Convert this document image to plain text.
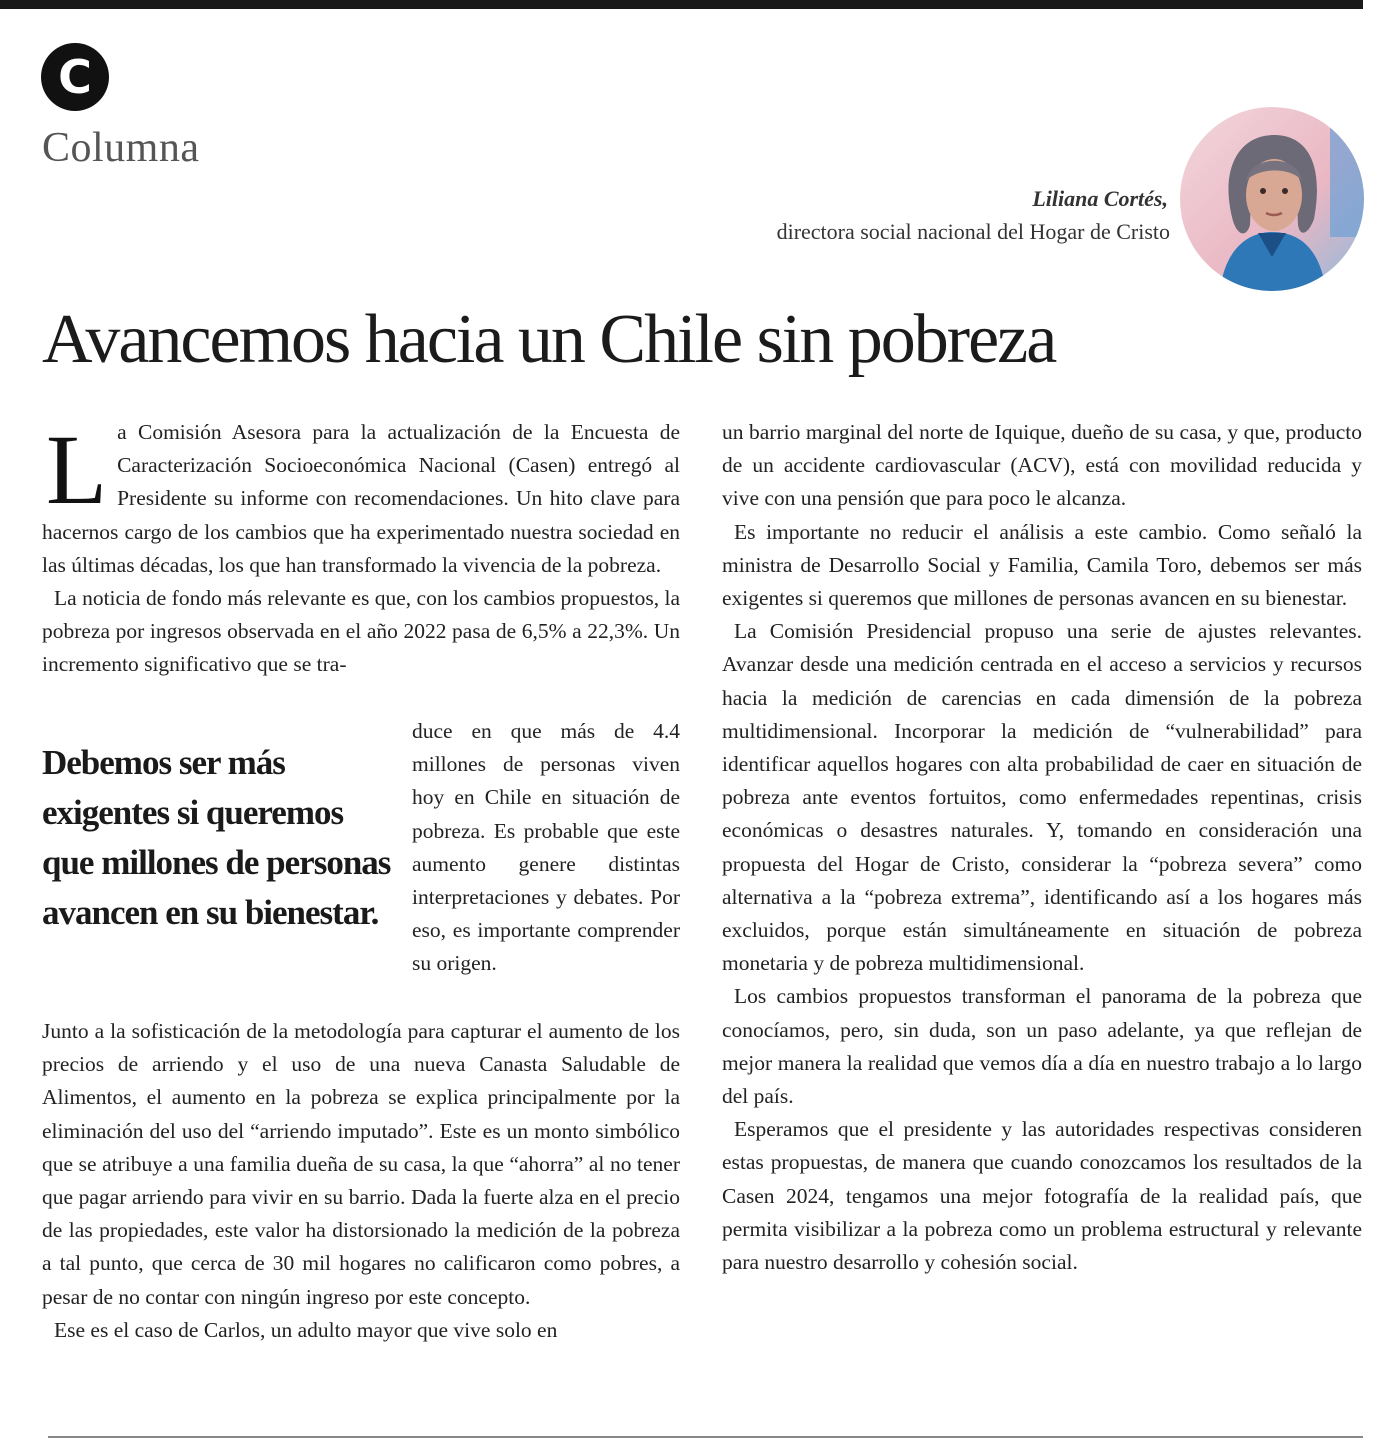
C
Columna
Liliana Cortés,
directora social nacional del Hogar de Cristo
Avancemos hacia un Chile sin pobreza

L a Comisión Asesora para la actualización de la Encuesta de Caracterización Socioeconómica Nacional (Casen) entregó al Presidente su informe con recomendaciones. Un hito clave para hacernos cargo de los cambios que ha experimentado nuestra sociedad en las últimas décadas, los que han transformado la vivencia de la pobreza.

La noticia de fondo más relevante es que, con los cambios propuestos, la pobreza por ingresos observada en el año 2022 pasa de 6,5% a 22,3%. Un incremento significativo que se tra-

Debemos ser más exigentes si queremos que millones de personas avancen en su bienestar.

duce en que más de 4.4 millones de personas viven hoy en Chile en situación de pobreza. Es probable que este aumento genere distintas interpretaciones y debates. Por eso, es importante comprender su origen.

Junto a la sofisticación de la metodología para capturar el aumento de los precios de arriendo y el uso de una nueva Canasta Saludable de Alimentos, el aumento en la pobreza se explica principalmente por la eliminación del uso del “arriendo imputado”. Este es un monto simbólico que se atribuye a una familia dueña de su casa, la que “ahorra” al no tener que pagar arriendo para vivir en su barrio. Dada la fuerte alza en el precio de las propiedades, este valor ha distorsionado la medición de la pobreza a tal punto, que cerca de 30 mil hogares no calificaron como pobres, a pesar de no contar con ningún ingreso por este concepto.

Ese es el caso de Carlos, un adulto mayor que vive solo en

un barrio marginal del norte de Iquique, dueño de su casa, y que, producto de un accidente cardiovascular (ACV), está con movilidad reducida y vive con una pensión que para poco le alcanza.

Es importante no reducir el análisis a este cambio. Como señaló la ministra de Desarrollo Social y Familia, Camila Toro, debemos ser más exigentes si queremos que millones de personas avancen en su bienestar.

La Comisión Presidencial propuso una serie de ajustes relevantes. Avanzar desde una medición centrada en el acceso a servicios y recursos hacia la medición de carencias en cada dimensión de la pobreza multidimensional. Incorporar la medición de “vulnerabilidad” para identificar aquellos hogares con alta probabilidad de caer en situación de pobreza ante eventos fortuitos, como enfermedades repentinas, crisis económicas o desastres naturales. Y, tomando en consideración una propuesta del Hogar de Cristo, considerar la “pobreza severa” como alternativa a la “pobreza extrema”, identificando así a los hogares más excluidos, porque están simultáneamente en situación de pobreza monetaria y de pobreza multidimensional.

Los cambios propuestos transforman el panorama de la pobreza que conocíamos, pero, sin duda, son un paso adelante, ya que reflejan de mejor manera la realidad que vemos día a día en nuestro trabajo a lo largo del país.

Esperamos que el presidente y las autoridades respectivas consideren estas propuestas, de manera que cuando conozcamos los resultados de la Casen 2024, tengamos una mejor fotografía de la realidad país, que permita visibilizar a la pobreza como un problema estructural y relevante para nuestro desarrollo y cohesión social.
